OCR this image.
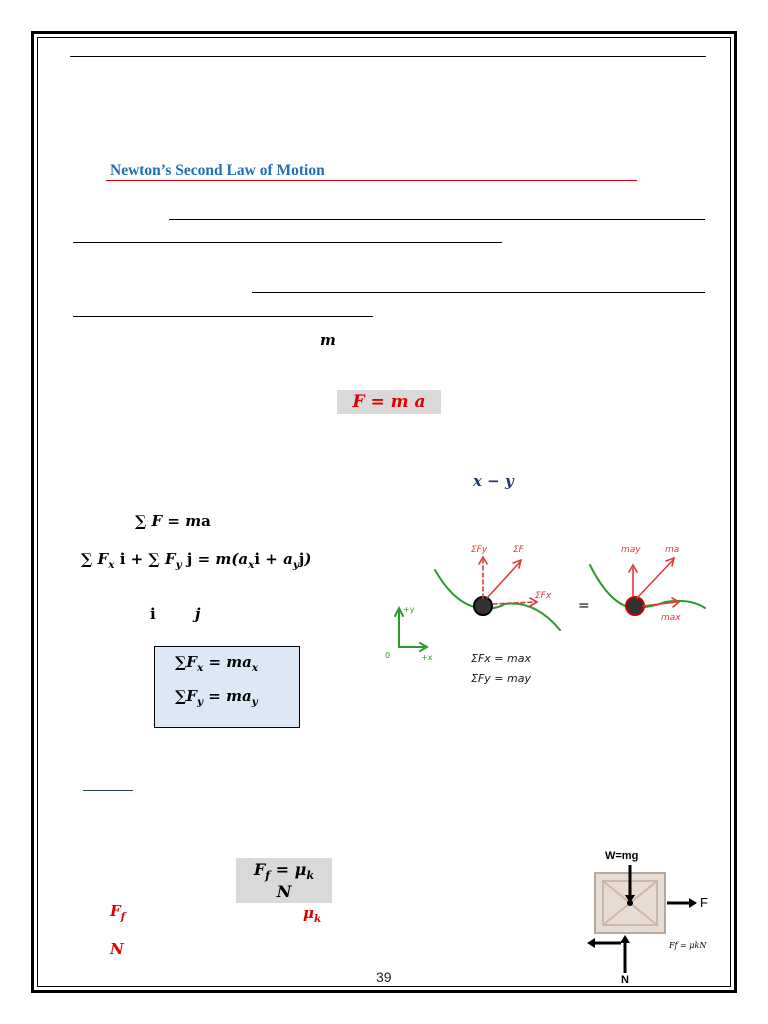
Newton’s Second Law of Motion
m
F = m a
x − y
∑ F = ma
∑ $F_x$ i + ∑ $F_y$ $j = m(a_xi + a_yj)$
i	j
$\sum F_x = ma_x$
$\sum F_y = ma_y$
ΣFy	ΣF
ΣFx
may	ma
max
+y
0	+x
=
ΣFx = max
ΣFy = may
$F_f = \mu_k$ N
$F_f$	$\mu_k$
N
W=mg
F
N
Ff = μkN
39
